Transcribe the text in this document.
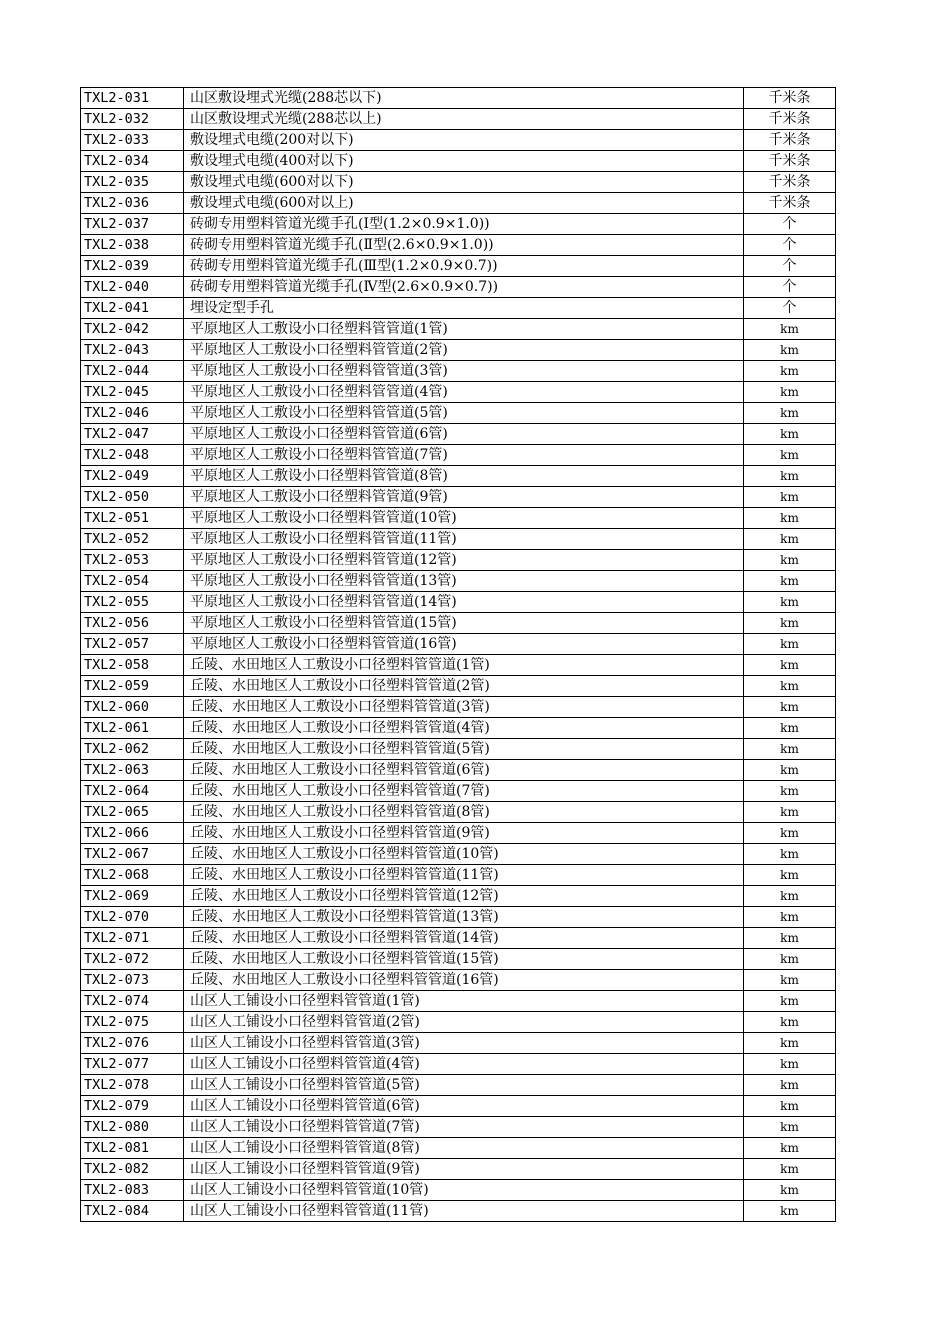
TXL2-031	山区敷设埋式光缆(288芯以下)	千米条
TXL2-032	山区敷设埋式光缆(288芯以上)	千米条
TXL2-033	敷设埋式电缆(200对以下)	千米条
TXL2-034	敷设埋式电缆(400对以下)	千米条
TXL2-035	敷设埋式电缆(600对以下)	千米条
TXL2-036	敷设埋式电缆(600对以上)	千米条
TXL2-037	砖砌专用塑料管道光缆手孔(Ⅰ型(1.2×0.9×1.0))	个
TXL2-038	砖砌专用塑料管道光缆手孔(Ⅱ型(2.6×0.9×1.0))	个
TXL2-039	砖砌专用塑料管道光缆手孔(Ⅲ型(1.2×0.9×0.7))	个
TXL2-040	砖砌专用塑料管道光缆手孔(Ⅳ型(2.6×0.9×0.7))	个
TXL2-041	埋设定型手孔	个
TXL2-042	平原地区人工敷设小口径塑料管管道(1管)	km
TXL2-043	平原地区人工敷设小口径塑料管管道(2管)	km
TXL2-044	平原地区人工敷设小口径塑料管管道(3管)	km
TXL2-045	平原地区人工敷设小口径塑料管管道(4管)	km
TXL2-046	平原地区人工敷设小口径塑料管管道(5管)	km
TXL2-047	平原地区人工敷设小口径塑料管管道(6管)	km
TXL2-048	平原地区人工敷设小口径塑料管管道(7管)	km
TXL2-049	平原地区人工敷设小口径塑料管管道(8管)	km
TXL2-050	平原地区人工敷设小口径塑料管管道(9管)	km
TXL2-051	平原地区人工敷设小口径塑料管管道(10管)	km
TXL2-052	平原地区人工敷设小口径塑料管管道(11管)	km
TXL2-053	平原地区人工敷设小口径塑料管管道(12管)	km
TXL2-054	平原地区人工敷设小口径塑料管管道(13管)	km
TXL2-055	平原地区人工敷设小口径塑料管管道(14管)	km
TXL2-056	平原地区人工敷设小口径塑料管管道(15管)	km
TXL2-057	平原地区人工敷设小口径塑料管管道(16管)	km
TXL2-058	丘陵、水田地区人工敷设小口径塑料管管道(1管)	km
TXL2-059	丘陵、水田地区人工敷设小口径塑料管管道(2管)	km
TXL2-060	丘陵、水田地区人工敷设小口径塑料管管道(3管)	km
TXL2-061	丘陵、水田地区人工敷设小口径塑料管管道(4管)	km
TXL2-062	丘陵、水田地区人工敷设小口径塑料管管道(5管)	km
TXL2-063	丘陵、水田地区人工敷设小口径塑料管管道(6管)	km
TXL2-064	丘陵、水田地区人工敷设小口径塑料管管道(7管)	km
TXL2-065	丘陵、水田地区人工敷设小口径塑料管管道(8管)	km
TXL2-066	丘陵、水田地区人工敷设小口径塑料管管道(9管)	km
TXL2-067	丘陵、水田地区人工敷设小口径塑料管管道(10管)	km
TXL2-068	丘陵、水田地区人工敷设小口径塑料管管道(11管)	km
TXL2-069	丘陵、水田地区人工敷设小口径塑料管管道(12管)	km
TXL2-070	丘陵、水田地区人工敷设小口径塑料管管道(13管)	km
TXL2-071	丘陵、水田地区人工敷设小口径塑料管管道(14管)	km
TXL2-072	丘陵、水田地区人工敷设小口径塑料管管道(15管)	km
TXL2-073	丘陵、水田地区人工敷设小口径塑料管管道(16管)	km
TXL2-074	山区人工铺设小口径塑料管管道(1管)	km
TXL2-075	山区人工铺设小口径塑料管管道(2管)	km
TXL2-076	山区人工铺设小口径塑料管管道(3管)	km
TXL2-077	山区人工铺设小口径塑料管管道(4管)	km
TXL2-078	山区人工铺设小口径塑料管管道(5管)	km
TXL2-079	山区人工铺设小口径塑料管管道(6管)	km
TXL2-080	山区人工铺设小口径塑料管管道(7管)	km
TXL2-081	山区人工铺设小口径塑料管管道(8管)	km
TXL2-082	山区人工铺设小口径塑料管管道(9管)	km
TXL2-083	山区人工铺设小口径塑料管管道(10管)	km
TXL2-084	山区人工铺设小口径塑料管管道(11管)	km
